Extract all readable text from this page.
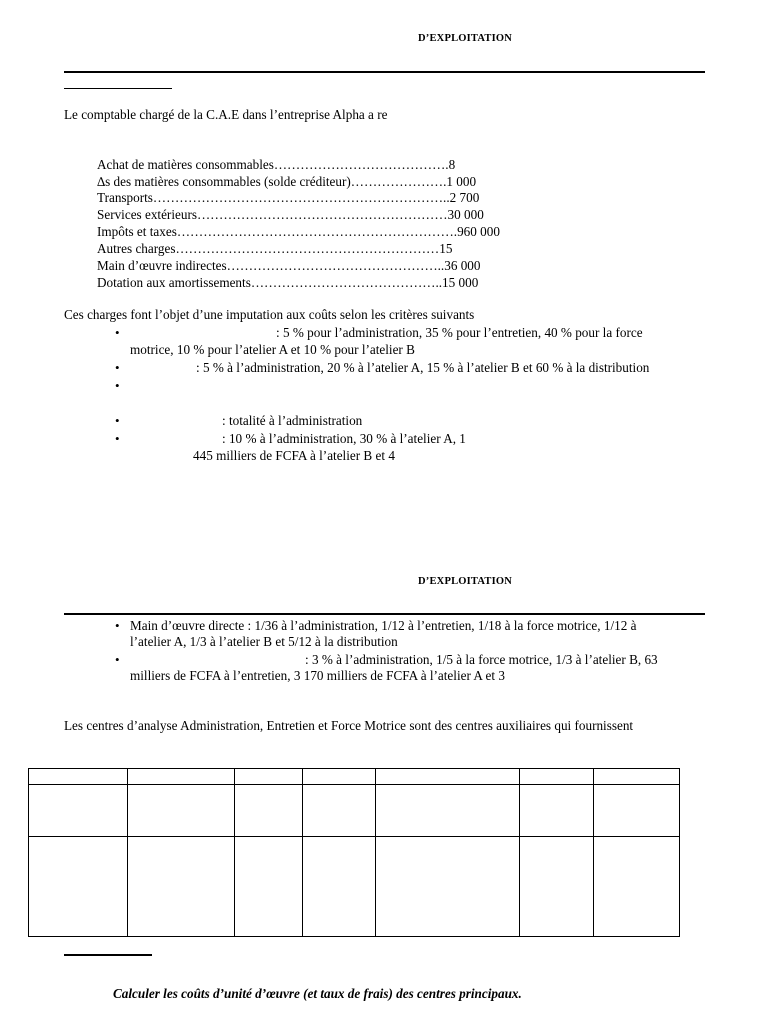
D’EXPLOITATION
Le comptable chargé de la C.A.E dans l’entreprise Alpha a re
Achat de matières consommables………………………………….8
∆s des matières consommables (solde créditeur)………………….1 000
Transports…………………………………………………………..2 700
Services extérieurs…………………………………………………30 000
Impôts et taxes……………………………………………………….960 000
Autres charges……………………………………………………15
Main d’œuvre indirectes…………………………………………..36 000
Dotation aux amortissements……………………………………..15 000
Ces charges font l’objet d’une imputation aux coûts selon les critères suivants
•	: 5 % pour l’administration, 35 % pour l’entretien, 40 % pour la force
motrice, 10 % pour l’atelier A et 10 % pour l’atelier B
•	: 5 % à l’administration, 20 % à l’atelier A, 15 % à l’atelier B et 60 % à la distribution
•
•	: totalité à l’administration
•	: 10 % à l’administration, 30 % à l’atelier A, 1
445 milliers de FCFA à l’atelier B et 4
D’EXPLOITATION
• Main d’œuvre directe : 1/36 à l’administration, 1/12 à l’entretien, 1/18 à la force motrice, 1/12 à
l’atelier A, 1/3 à l’atelier B et 5/12 à la distribution
•	: 3 % à l’administration, 1/5 à la force motrice, 1/3 à l’atelier B, 63
milliers de FCFA à l’entretien, 3 170 milliers de FCFA à l’atelier A et 3
Les centres d’analyse Administration, Entretien et Force Motrice sont des centres auxiliaires qui fournissent

Calculer les coûts d’unité d’œuvre (et taux de frais) des centres principaux.
